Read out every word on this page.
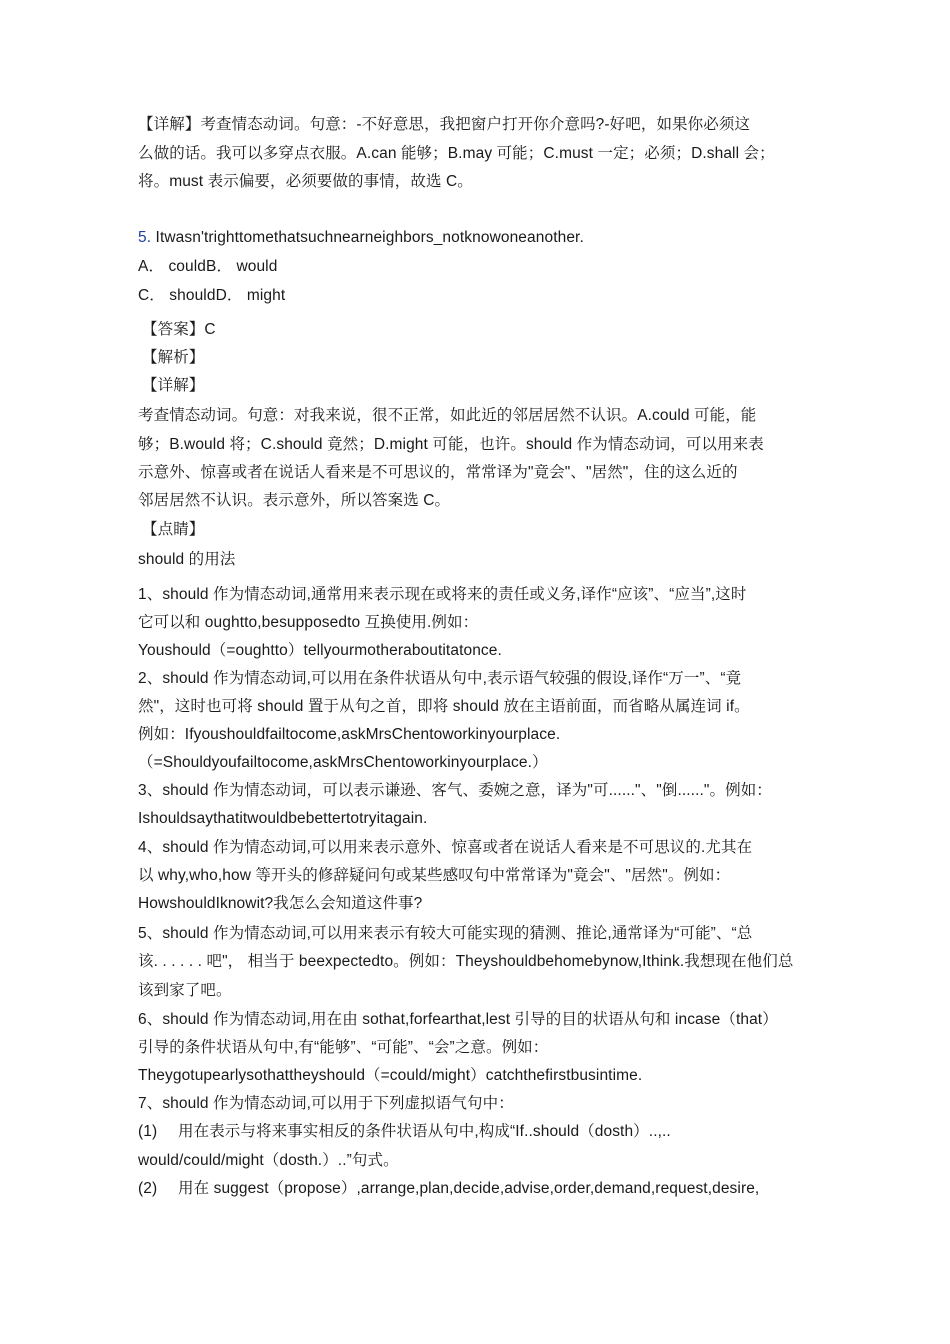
【详解】考查情态动词。句意：-不好意思，我把窗户打开你介意吗?-好吧，如果你必须这
么做的话。我可以多穿点衣服。A.can 能够；B.may 可能；C.must 一定；必须；D.shall 会；
将。must 表示偏要，必须要做的事情，故选 C。
5. Itwasn'trighttomethatsuchnearneighbors_notknowoneanother.
A． couldB． would
C． shouldD． might
【答案】C
【解析】
【详解】
考查情态动词。句意：对我来说，很不正常，如此近的邻居居然不认识。A.could 可能，能
够；B.would 将；C.should 竟然；D.might 可能，也许。should 作为情态动词，可以用来表
示意外、惊喜或者在说话人看来是不可思议的，常常译为"竟会"、"居然"，住的这么近的
邻居居然不认识。表示意外，所以答案选 C。
【点睛】
should 的用法
1、should 作为情态动词,通常用来表示现在或将来的责任或义务,译作“应该”、“应当”,这时
它可以和 oughtto,besupposedto 互换使用.例如：
Youshould（=oughtto）tellyourmotheraboutitatonce.
2、should 作为情态动词,可以用在条件状语从句中,表示语气较强的假设,译作“万一”、“竟
然"，这时也可将 should 置于从句之首，即将 should 放在主语前面，而省略从属连词 if。
例如：Ifyoushouldfailtocome,askMrsChentoworkinyourplace.
（=Shouldyoufailtocome,askMrsChentoworkinyourplace.）
3、should 作为情态动词，可以表示谦逊、客气、委婉之意，译为"可......"、"倒......"。例如：
Ishouldsaythatitwouldbebettertotryitagain.
4、should 作为情态动词,可以用来表示意外、惊喜或者在说话人看来是不可思议的.尤其在
以 why,who,how 等开头的修辞疑问句或某些感叹句中常常译为"竟会"、"居然"。例如：
HowshouldIknowit?我怎么会知道这件事?
5、should 作为情态动词,可以用来表示有较大可能实现的猜测、推论,通常译为“可能”、“总
该. . . . . . 吧"， 相当于 beexpectedto。例如：Theyshouldbehomebynow,Ithink.我想现在他们总
该到家了吧。
6、should 作为情态动词,用在由 sothat,forfearthat,lest 引导的目的状语从句和 incase（that）
引导的条件状语从句中,有“能够”、“可能”、“会”之意。例如：
Theygotupearlysothattheyshould（=could/might）catchthefirstbusintime.
7、should 作为情态动词,可以用于下列虚拟语气句中：
(1) 用在表示与将来事实相反的条件状语从句中,构成“If..should（dosth）..,..
would/could/might（dosth.）..”句式。
(2) 用在 suggest（propose）,arrange,plan,decide,advise,order,demand,request,desire,
